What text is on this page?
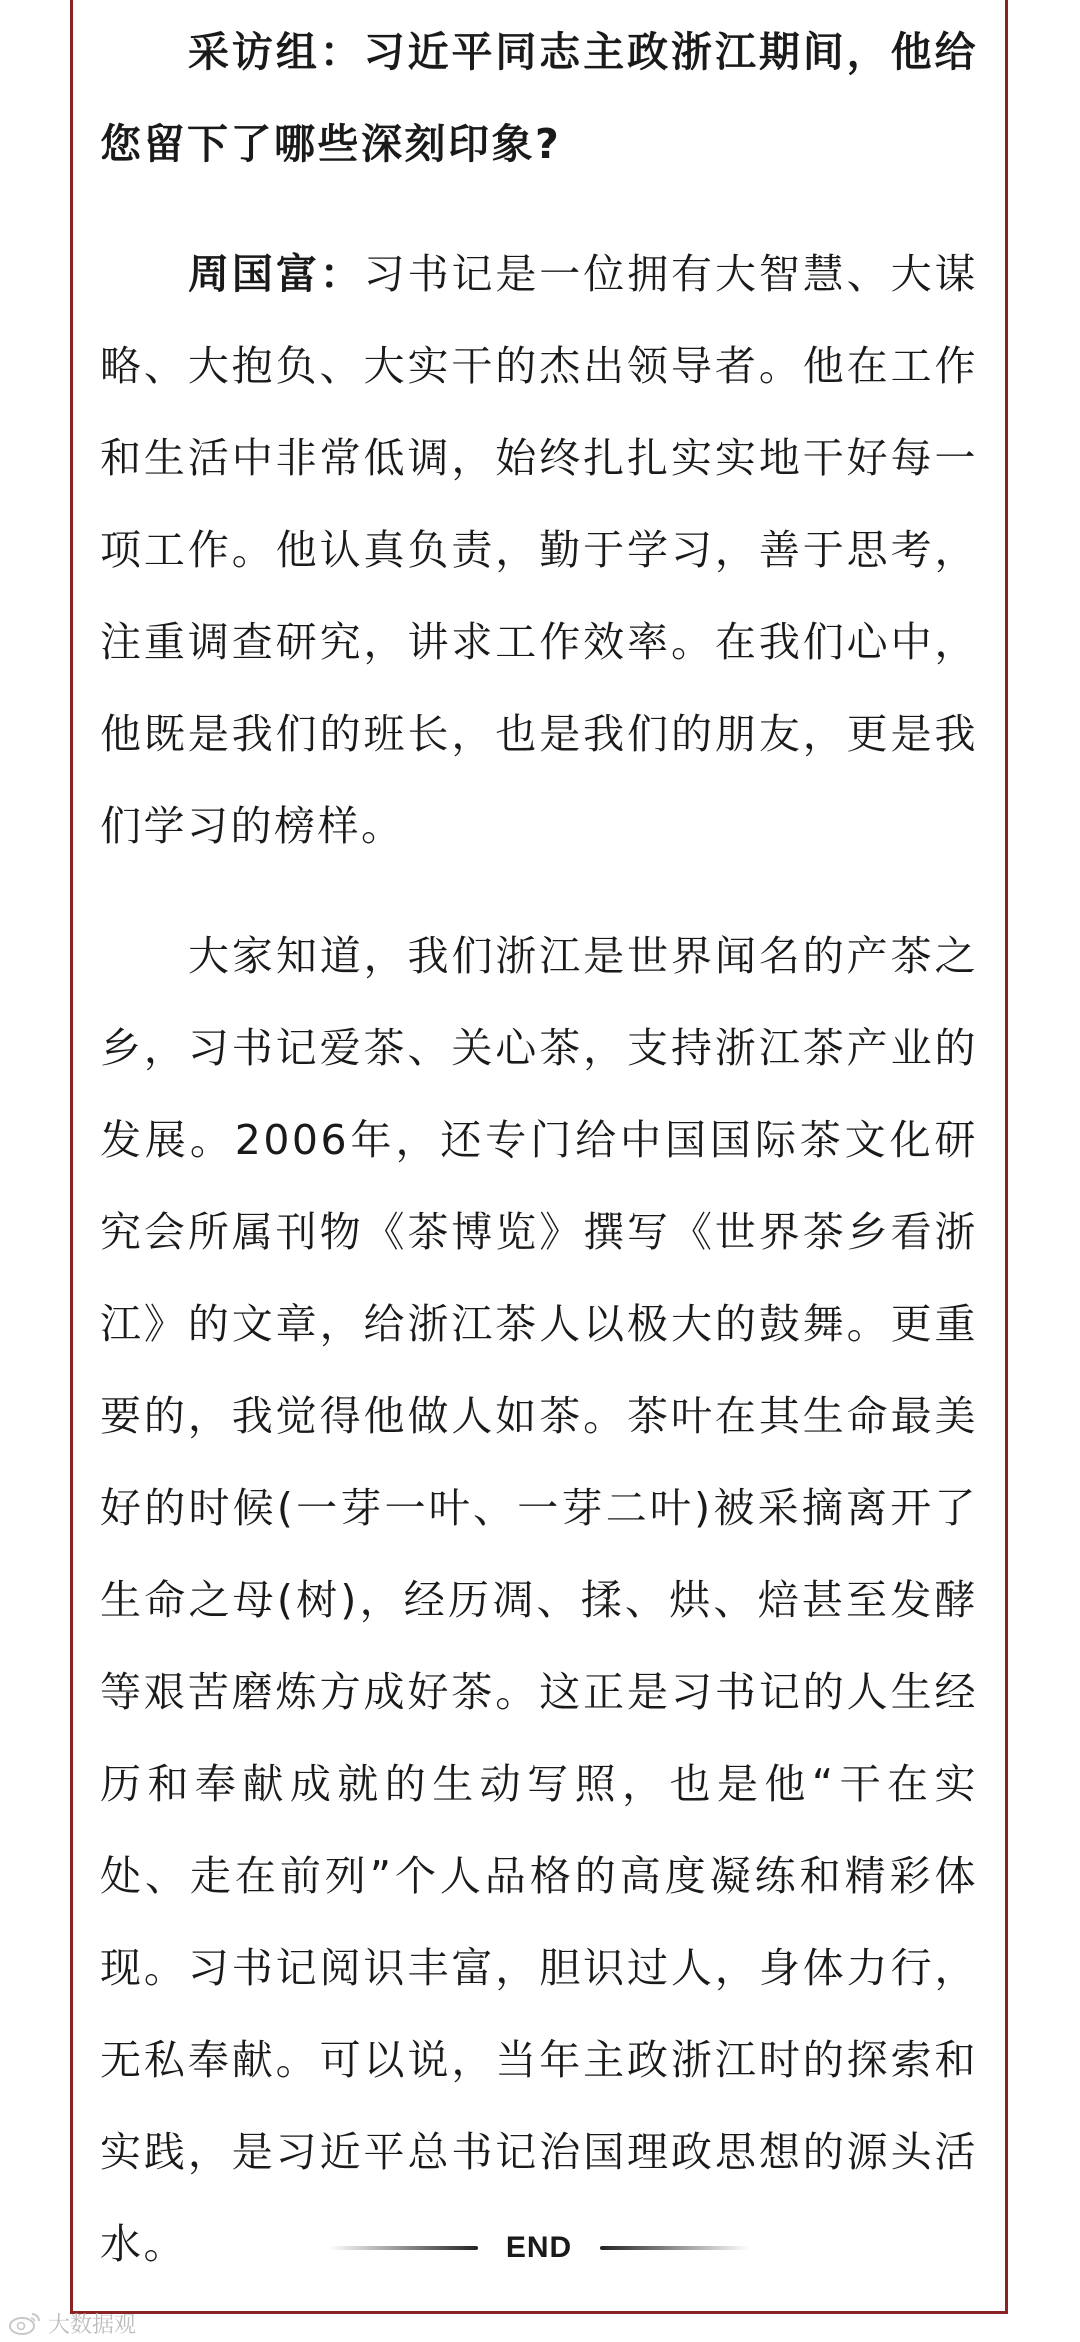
采访组：习近平同志主政浙江期间，他给您留下了哪些深刻印象?

周国富：习书记是一位拥有大智慧、大谋略、大抱负、大实干的杰出领导者。他在工作和生活中非常低调，始终扎扎实实地干好每一项工作。他认真负责，勤于学习，善于思考，注重调查研究，讲求工作效率。在我们心中，他既是我们的班长，也是我们的朋友，更是我们学习的榜样。

大家知道，我们浙江是世界闻名的产茶之乡，习书记爱茶、关心茶，支持浙江茶产业的发展。2006年，还专门给中国国际茶文化研究会所属刊物《茶博览》撰写《世界茶乡看浙江》的文章，给浙江茶人以极大的鼓舞。更重要的，我觉得他做人如茶。茶叶在其生命最美好的时候(一芽一叶、一芽二叶)被采摘离开了生命之母(树)，经历凋、揉、烘、焙甚至发酵等艰苦磨炼方成好茶。这正是习书记的人生经历和奉献成就的生动写照，也是他“干在实处、走在前列”个人品格的高度凝练和精彩体现。习书记阅识丰富，胆识过人，身体力行，无私奉献。可以说，当年主政浙江时的探索和实践，是习近平总书记治国理政思想的源头活水。	END
大数据观
